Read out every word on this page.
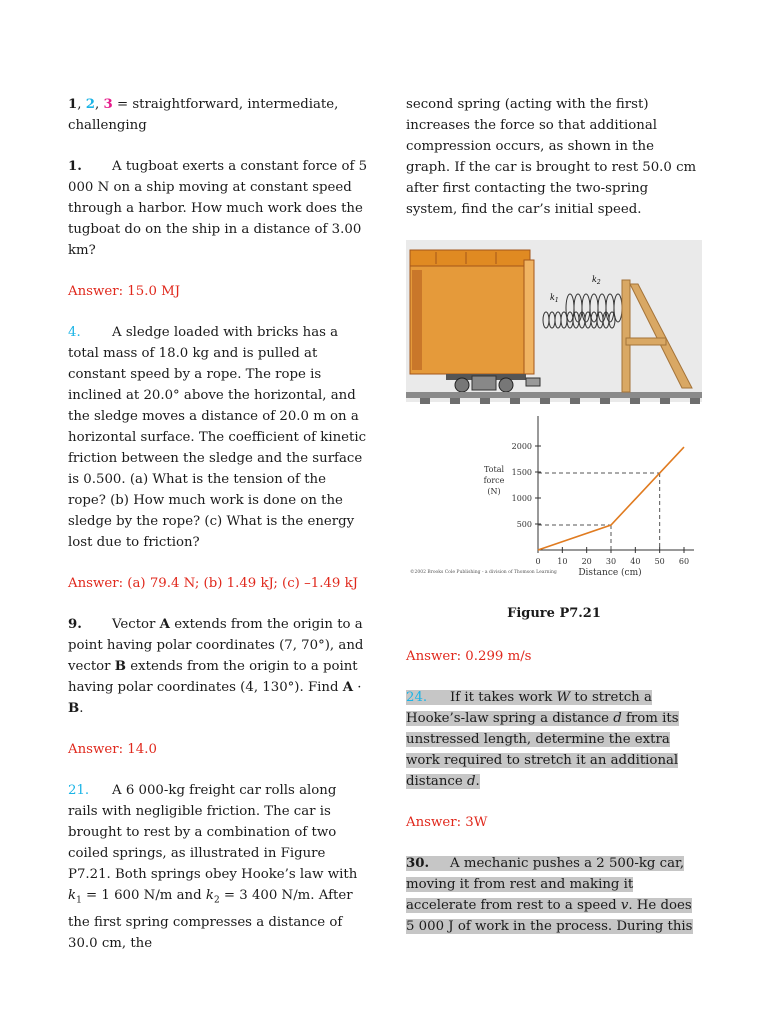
1, 2, 3 = straightforward, intermediate, challenging

1. A tugboat exerts a constant force of 5 000 N on a ship moving at constant speed through a harbor. How much work does the tugboat do on the ship in a distance of 3.00 km?

Answer: 15.0 MJ

4. A sledge loaded with bricks has a total mass of 18.0 kg and is pulled at constant speed by a rope. The rope is inclined at 20.0° above the horizontal, and the sledge moves a distance of 20.0 m on a horizontal surface. The coefficient of kinetic friction between the sledge and the surface is 0.500. (a) What is the tension of the rope? (b) How much work is done on the sledge by the rope? (c) What is the energy lost due to friction?

Answer: (a) 79.4 N; (b) 1.49 kJ; (c) –1.49 kJ

9. Vector A extends from the origin to a point having polar coordinates (7, 70°), and vector B extends from the origin to a point having polar coordinates (4, 130°). Find A · B.

Answer: 14.0

21. A 6 000-kg freight car rolls along rails with negligible friction. The car is brought to rest by a combination of two coiled springs, as illustrated in Figure P7.21. Both springs obey Hooke’s law with $k_1 = 1$ 600 N/m and $k_2 = 3$ 400 N/m. After the first spring compresses a distance of 30.0 cm, the

second spring (acting with the first) increases the force so that additional compression occurs, as shown in the graph. If the car is brought to rest 50.0 cm after first contacting the two-spring system, find the car’s initial speed.

$k_1$
$k_2$
0 10 20 30 40 50 60
500
1000
1500
2000
Total
force
(N)
Distance (cm)
©2002 Brooks Cole Publishing - a division of Thomson Learning
Figure P7.21

Answer: 0.299 m/s

24. If it takes work W to stretch a Hooke’s-law spring a distance d from its unstressed length, determine the extra work required to stretch it an additional distance d.

Answer: 3W

30. A mechanic pushes a 2 500-kg car, moving it from rest and making it accelerate from rest to a speed v. He does 5 000 J of work in the process. During this
